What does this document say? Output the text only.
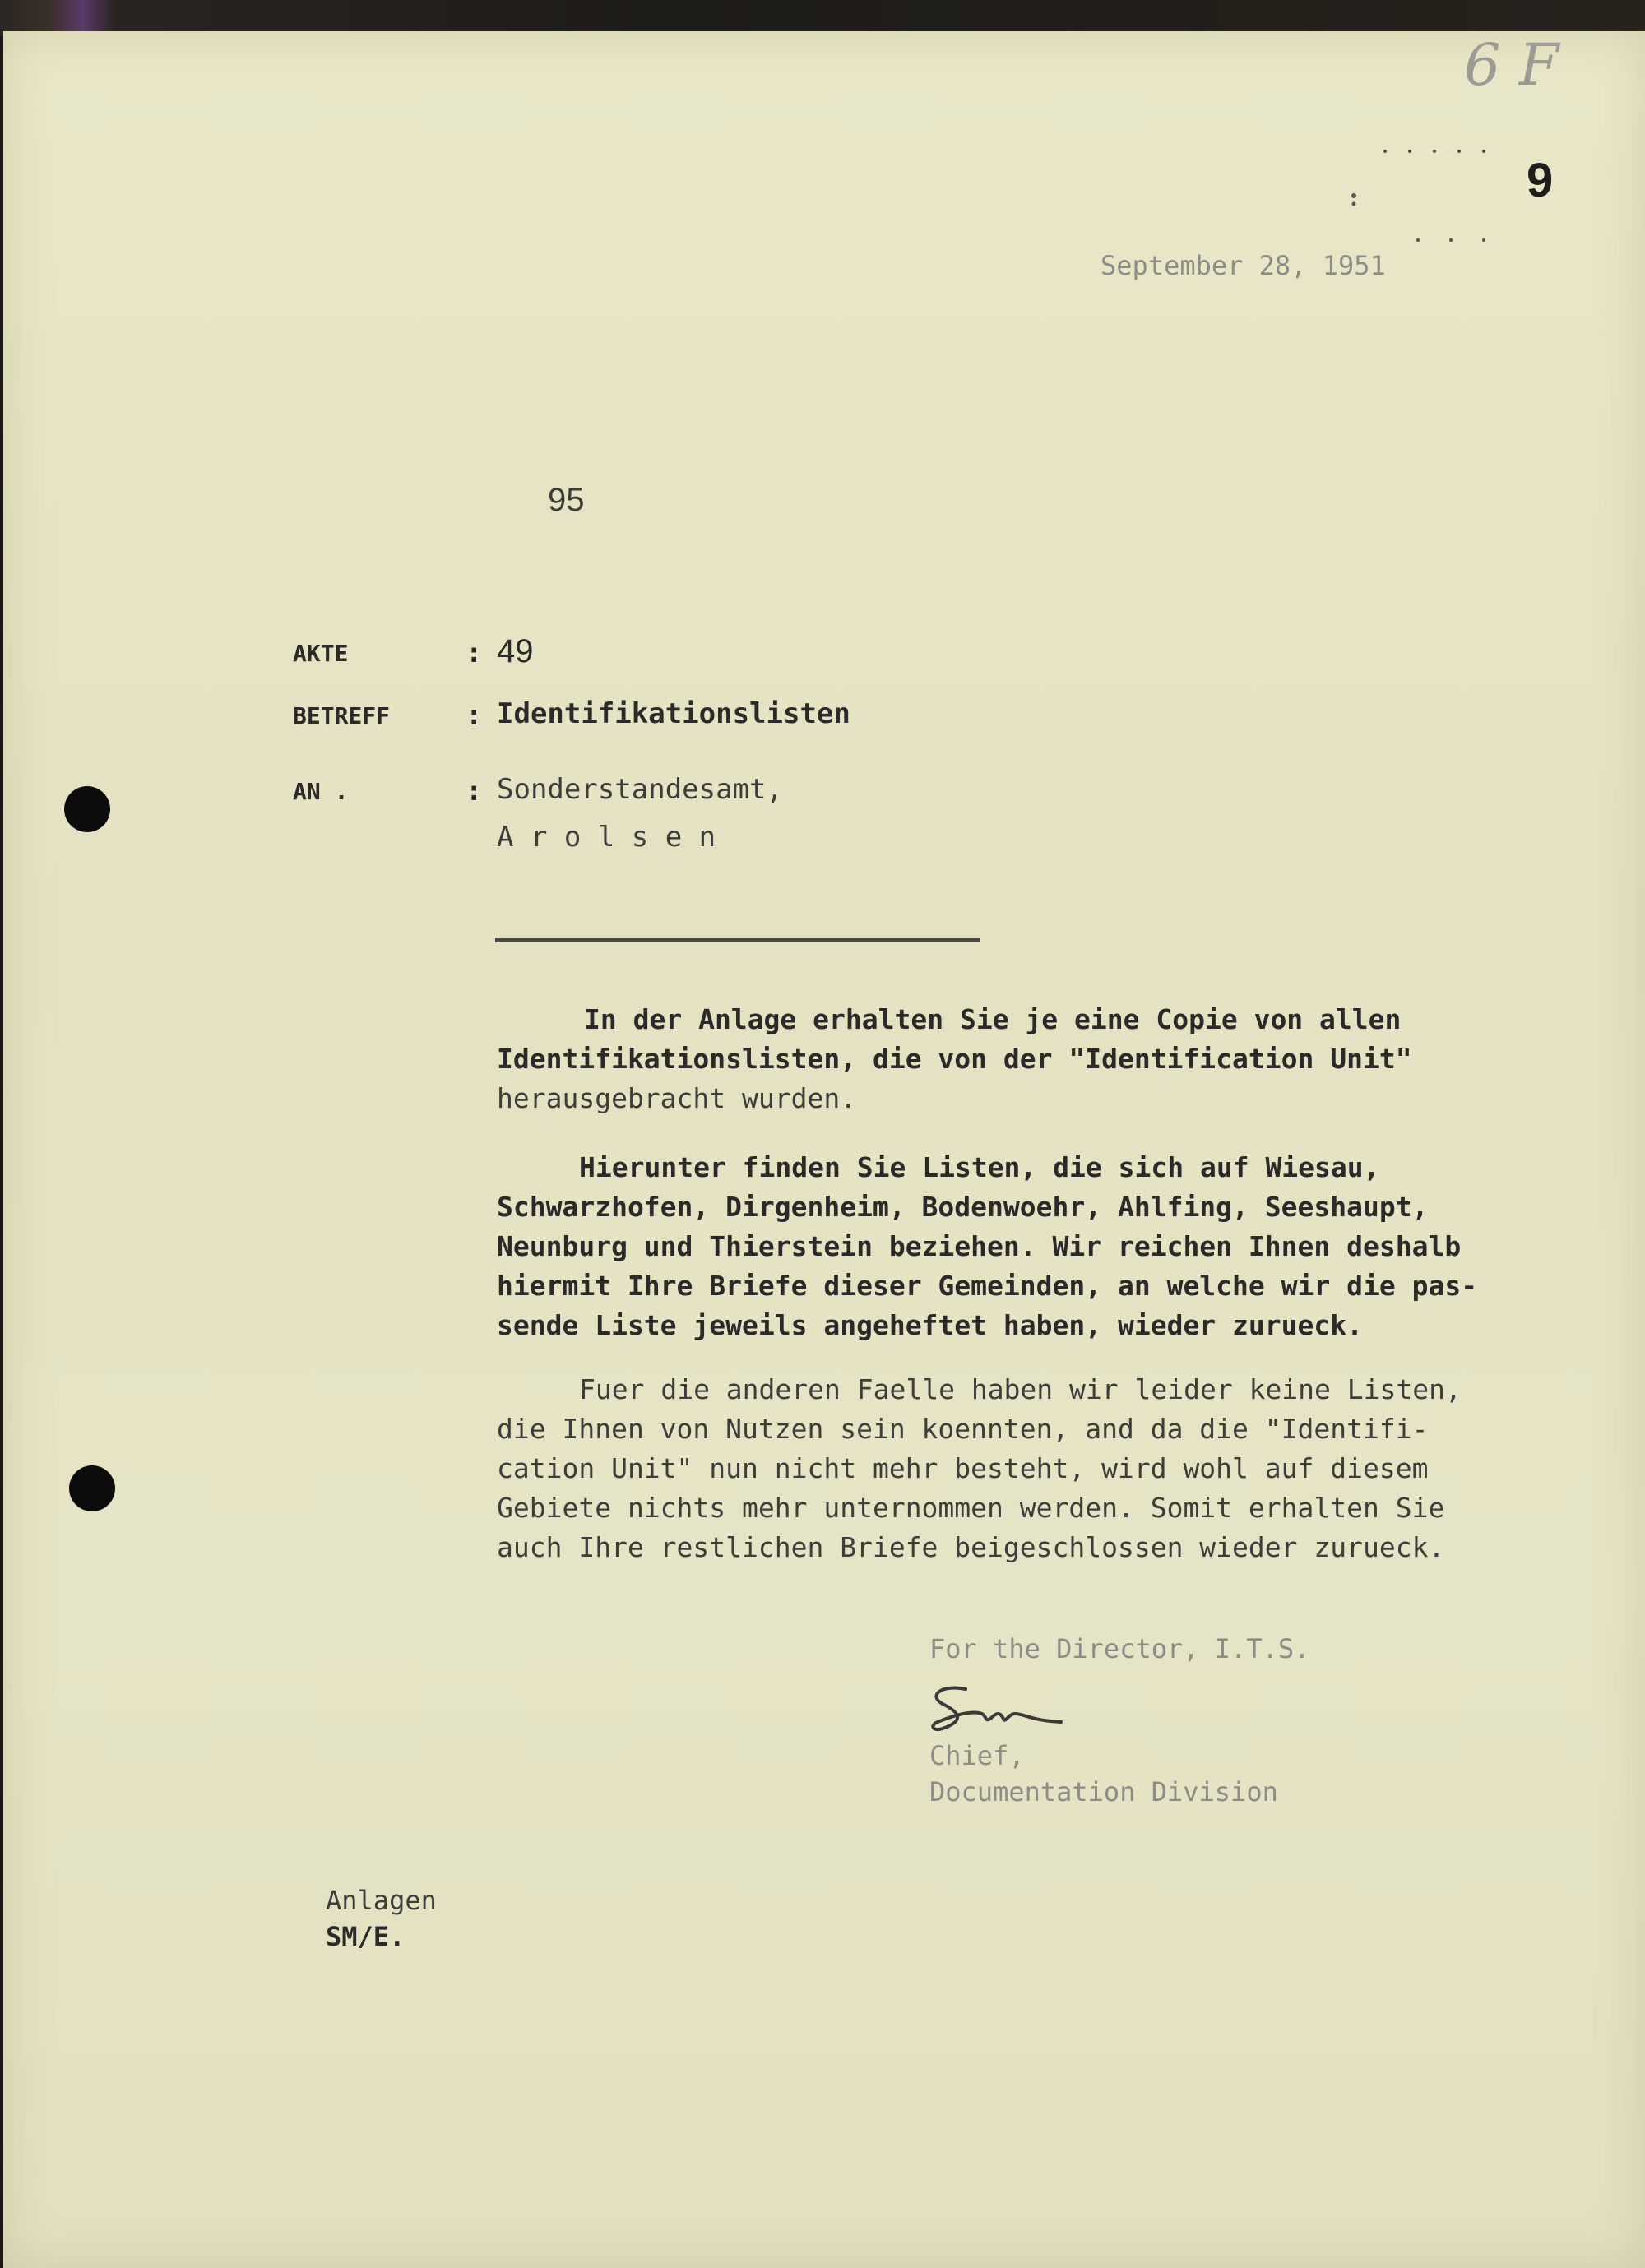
6 F
9
September 28, 1951
95
AKTE	: 49
BETREFF	: Identifikationslisten
AN .	: Sonderstandesamt,
A r o l s e n
In der Anlage erhalten Sie je eine Copie von allen
Identifikationslisten, die von der "Identification Unit"
herausgebracht wurden.
Hierunter finden Sie Listen, die sich auf Wiesau,
Schwarzhofen, Dirgenheim, Bodenwoehr, Ahlfing, Seeshaupt,
Neunburg und Thierstein beziehen. Wir reichen Ihnen deshalb
hiermit Ihre Briefe dieser Gemeinden, an welche wir die pas-
sende Liste jeweils angeheftet haben, wieder zurueck.
Fuer die anderen Faelle haben wir leider keine Listen,
die Ihnen von Nutzen sein koennten, and da die "Identifi-
cation Unit" nun nicht mehr besteht, wird wohl auf diesem
Gebiete nichts mehr unternommen werden. Somit erhalten Sie
auch Ihre restlichen Briefe beigeschlossen wieder zurueck.
For the Director, I.T.S.
Chief,
Documentation Division
Anlagen
SM/E.
